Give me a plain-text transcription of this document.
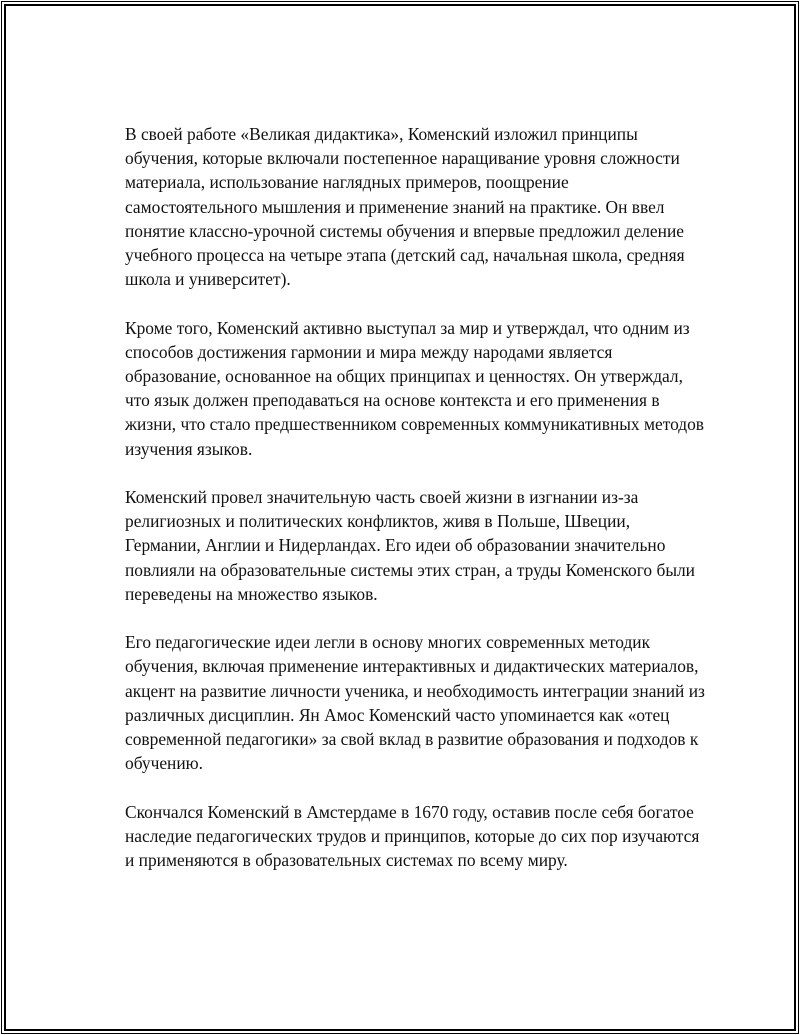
В своей работе «Великая дидактика», Коменский изложил принципы обучения, которые включали постепенное наращивание уровня сложности материала, использование наглядных примеров, поощрение самостоятельного мышления и применение знаний на практике. Он ввел понятие классно-урочной системы обучения и впервые предложил деление учебного процесса на четыре этапа (детский сад, начальная школа, средняя школа и университет).

Кроме того, Коменский активно выступал за мир и утверждал, что одним из способов достижения гармонии и мира между народами является образование, основанное на общих принципах и ценностях. Он утверждал, что язык должен преподаваться на основе контекста и его применения в жизни, что стало предшественником современных коммуникативных методов изучения языков.

Коменский провел значительную часть своей жизни в изгнании из-за религиозных и политических конфликтов, живя в Польше, Швеции, Германии, Англии и Нидерландах. Его идеи об образовании значительно повлияли на образовательные системы этих стран, а труды Коменского были переведены на множество языков.

Его педагогические идеи легли в основу многих современных методик обучения, включая применение интерактивных и дидактических материалов, акцент на развитие личности ученика, и необходимость интеграции знаний из различных дисциплин. Ян Амос Коменский часто упоминается как «отец современной педагогики» за свой вклад в развитие образования и подходов к обучению.

Скончался Коменский в Амстердаме в 1670 году, оставив после себя богатое наследие педагогических трудов и принципов, которые до сих пор изучаются и применяются в образовательных системах по всему миру.
